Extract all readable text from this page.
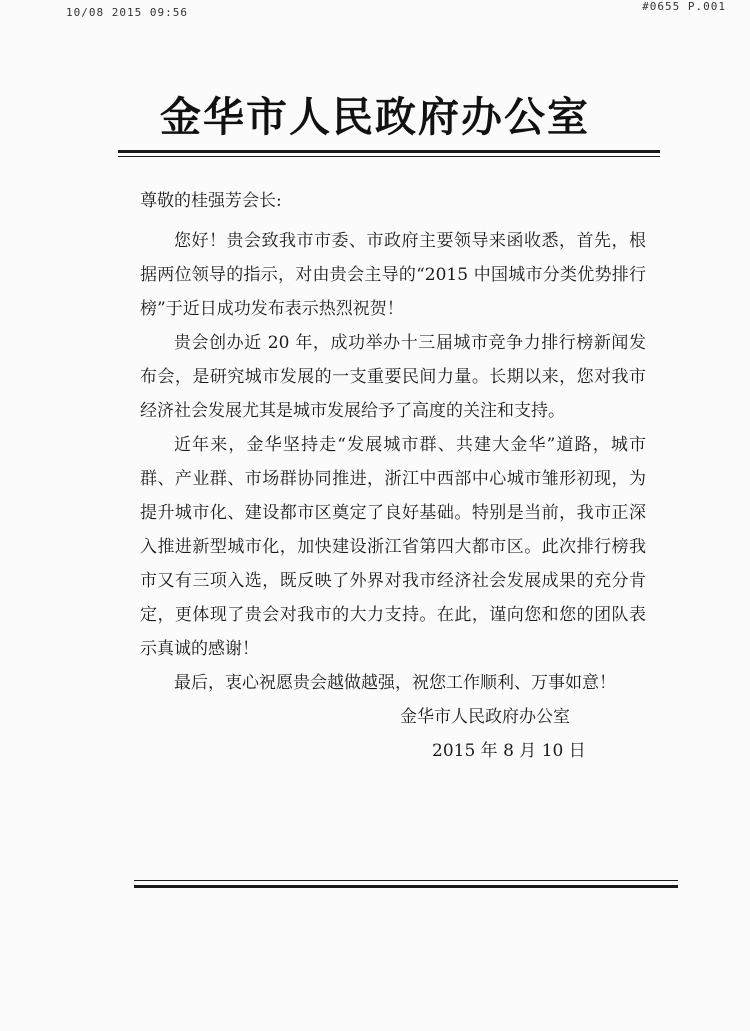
10/08 2015 09:56	#0655 P.001
金华市人民政府办公室

尊敬的桂强芳会长:

您好！贵会致我市市委、市政府主要领导来函收悉，首先，根据两位领导的指示，对由贵会主导的“2015 中国城市分类优势排行榜”于近日成功发布表示热烈祝贺！

贵会创办近 20 年，成功举办十三届城市竞争力排行榜新闻发布会，是研究城市发展的一支重要民间力量。长期以来，您对我市经济社会发展尤其是城市发展给予了高度的关注和支持。

近年来，金华坚持走“发展城市群、共建大金华”道路，城市群、产业群、市场群协同推进，浙江中西部中心城市雏形初现，为提升城市化、建设都市区奠定了良好基础。特别是当前，我市正深入推进新型城市化，加快建设浙江省第四大都市区。此次排行榜我市又有三项入选，既反映了外界对我市经济社会发展成果的充分肯定，更体现了贵会对我市的大力支持。在此，谨向您和您的团队表示真诚的感谢！

最后，衷心祝愿贵会越做越强，祝您工作顺利、万事如意！

金华市人民政府办公室
2015 年 8 月 10 日
